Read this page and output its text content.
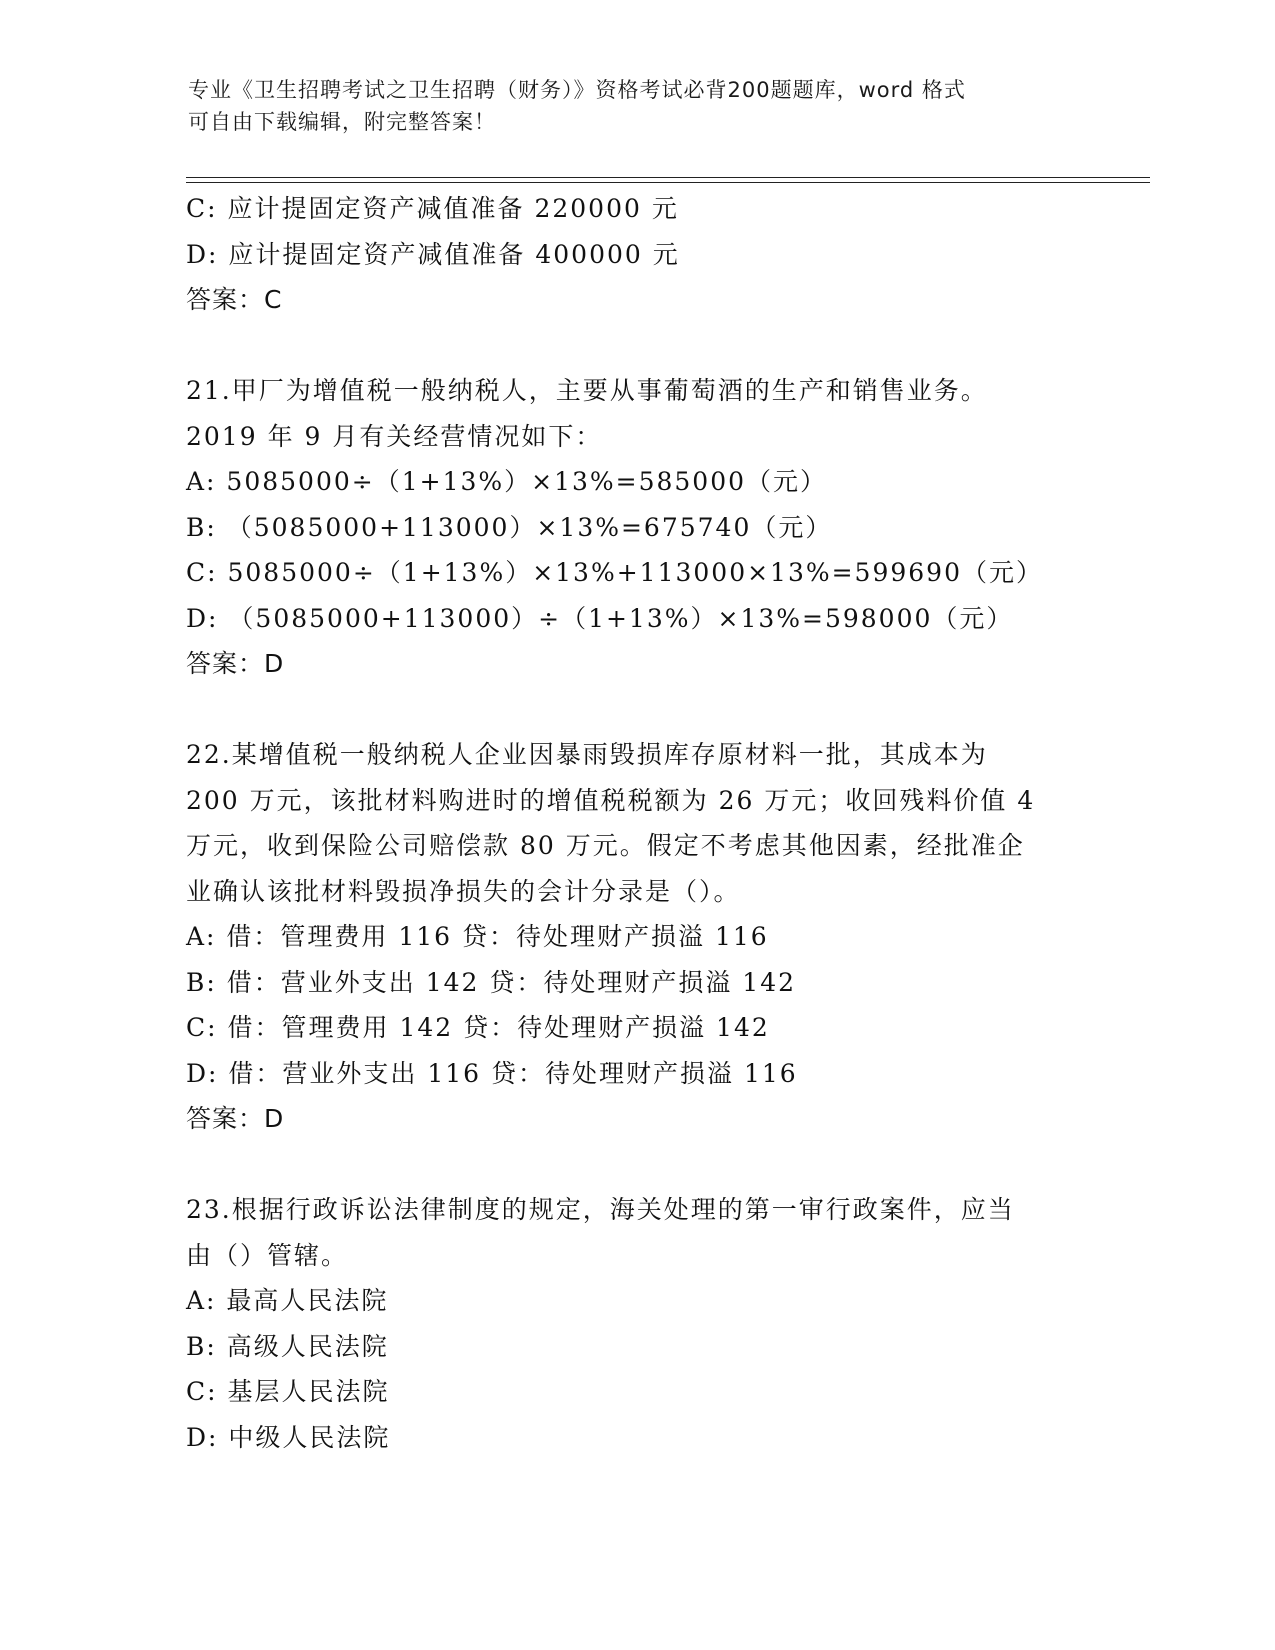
专业《卫生招聘考试之卫生招聘（财务）》资格考试必背200题题库，word 格式
可自由下载编辑，附完整答案！
C: 应计提固定资产减值准备 220000 元
D: 应计提固定资产减值准备 400000 元
答案：C
21.甲厂为增值税一般纳税人，主要从事葡萄酒的生产和销售业务。
2019 年 9 月有关经营情况如下：
A: 5085000÷（1+13%）×13%=585000（元）
B: （5085000+113000）×13%=675740（元）
C: 5085000÷（1+13%）×13%+113000×13%=599690（元）
D: （5085000+113000）÷（1+13%）×13%=598000（元）
答案：D
22.某增值税一般纳税人企业因暴雨毁损库存原材料一批，其成本为
200 万元，该批材料购进时的增值税税额为 26 万元；收回残料价值 4
万元，收到保险公司赔偿款 80 万元。假定不考虑其他因素，经批准企
业确认该批材料毁损净损失的会计分录是（）。
A: 借：管理费用 116 贷：待处理财产损溢 116
B: 借：营业外支出 142 贷：待处理财产损溢 142
C: 借：管理费用 142 贷：待处理财产损溢 142
D: 借：营业外支出 116 贷：待处理财产损溢 116
答案：D
23.根据行政诉讼法律制度的规定，海关处理的第一审行政案件，应当
由（）管辖。
A: 最高人民法院
B: 高级人民法院
C: 基层人民法院
D: 中级人民法院
